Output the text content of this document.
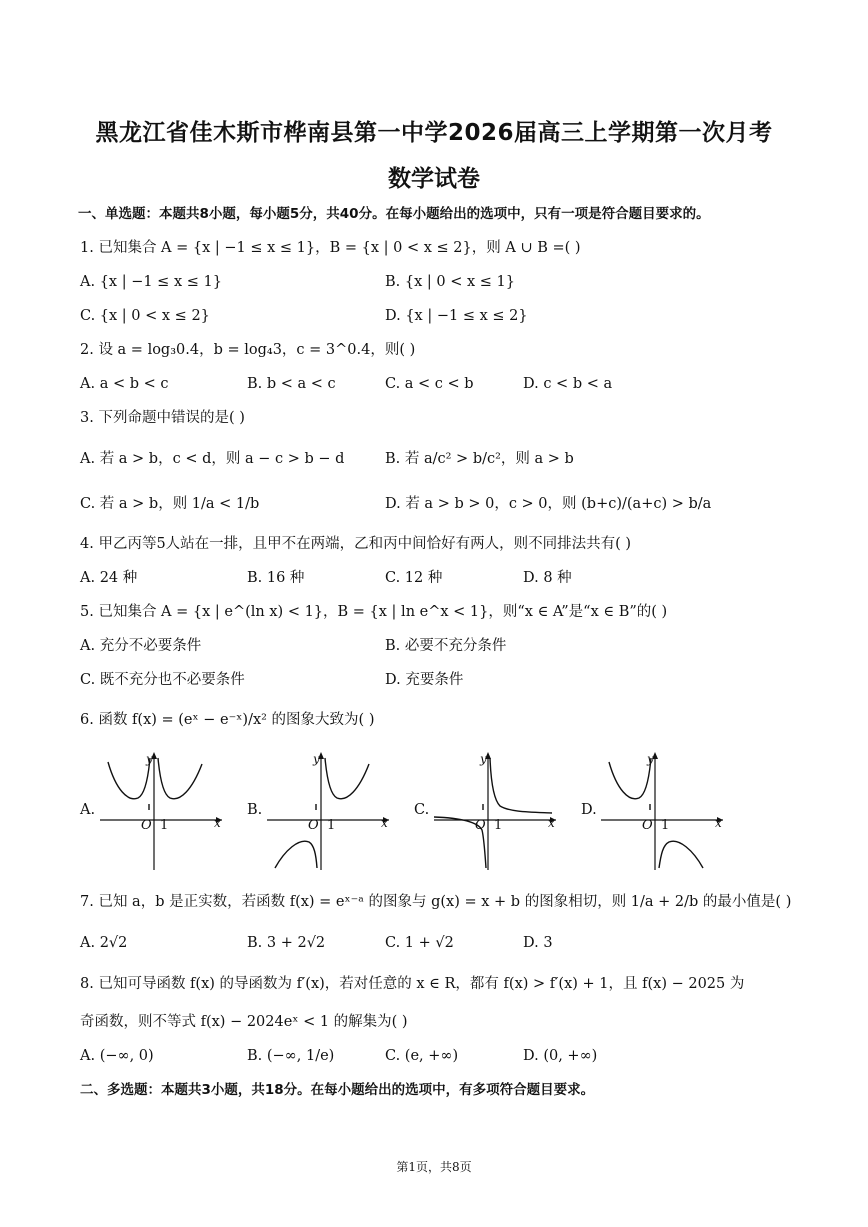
黑龙江省佳木斯市桦南县第一中学2026届高三上学期第一次月考
数学试卷
一、单选题：本题共8小题，每小题5分，共40分。在每小题给出的选项中，只有一项是符合题目要求的。
1. 已知集合 A = {x | −1 ≤ x ≤ 1}，B = {x | 0 < x ≤ 2}，则 A ∪ B =( )
A. {x | −1 ≤ x ≤ 1}	B. {x | 0 < x ≤ 1}
C. {x | 0 < x ≤ 2}	D. {x | −1 ≤ x ≤ 2}
2. 设 a = log₃0.4，b = log₄3，c = 3^0.4，则( )
A. a < b < c	B. b < a < c	C. a < c < b	D. c < b < a
3. 下列命题中错误的是( )
A. 若 a > b，c < d，则 a − c > b − d	B. 若 a/c² > b/c²，则 a > b
C. 若 a > b，则 1/a < 1/b	D. 若 a > b > 0，c > 0，则 (b+c)/(a+c) > b/a
4. 甲乙丙等5人站在一排，且甲不在两端，乙和丙中间恰好有两人，则不同排法共有( )
A. 24 种	B. 16 种	C. 12 种	D. 8 种
5. 已知集合 A = {x | e^(ln x) < 1}，B = {x | ln e^x < 1}，则“x ∈ A”是“x ∈ B”的( )
A. 充分不必要条件	B. 必要不充分条件
C. 既不充分也不必要条件	D. 充要条件
6. 函数 f(x) = (eˣ − e⁻ˣ)/x² 的图象大致为( )
A.
y
x
O 1
B.
y
x
O 1
C.
y
x
O 1
D.
y
x
O 1
7. 已知 a，b 是正实数，若函数 f(x) = eˣ⁻ᵃ 的图象与 g(x) = x + b 的图象相切，则 1/a + 2/b 的最小值是( )
A. 2√2	B. 3 + 2√2	C. 1 + √2	D. 3
8. 已知可导函数 f(x) 的导函数为 f′(x)，若对任意的 x ∈ R，都有 f(x) > f′(x) + 1，且 f(x) − 2025 为
奇函数，则不等式 f(x) − 2024eˣ < 1 的解集为( )
A. (−∞, 0)	B. (−∞, 1/e)	C. (e, +∞)	D. (0, +∞)
二、多选题：本题共3小题，共18分。在每小题给出的选项中，有多项符合题目要求。
第1页，共8页
